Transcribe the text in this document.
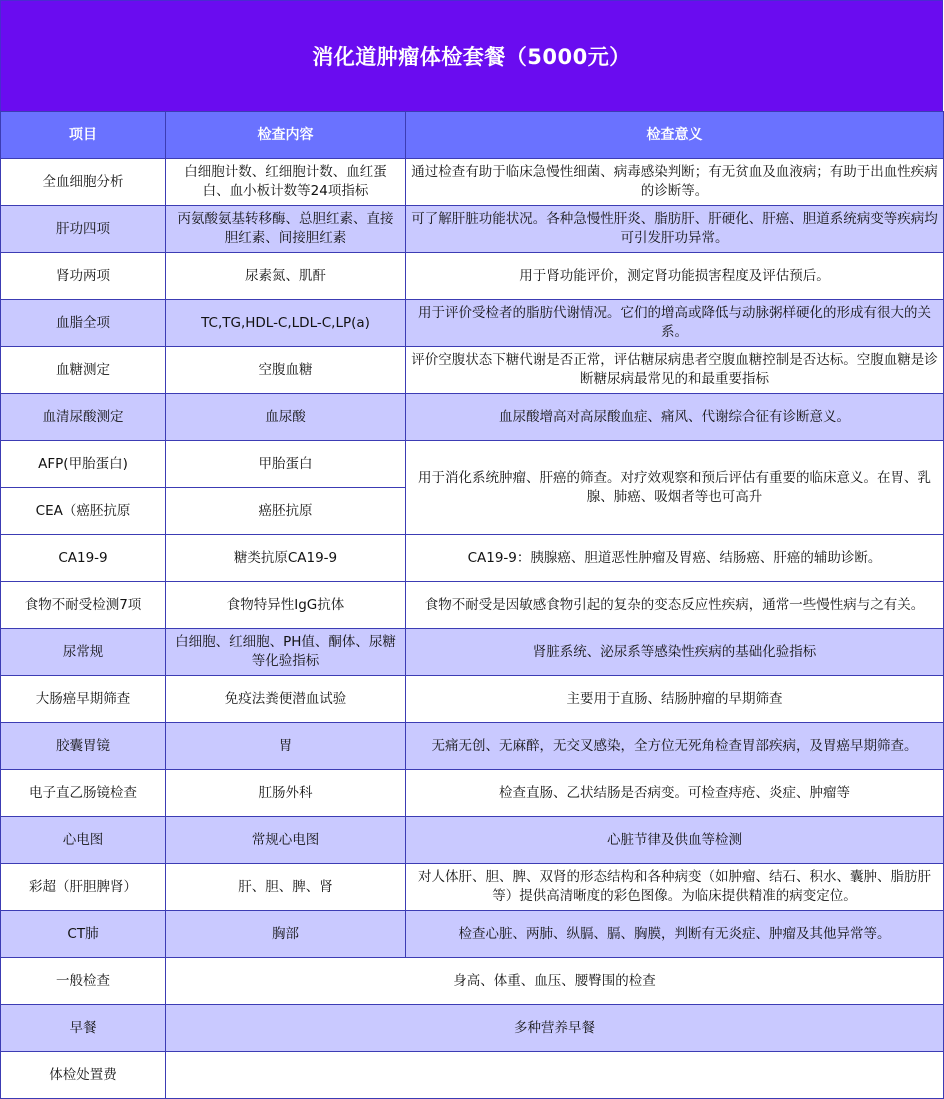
消化道肿瘤体检套餐（5000元）
项目	检查内容	检查意义
全血细胞分析	白细胞计数、红细胞计数、血红蛋白、血小板计数等24项指标	通过检查有助于临床急慢性细菌、病毒感染判断；有无贫血及血液病；有助于出血性疾病的诊断等。
肝功四项	丙氨酸氨基转移酶、总胆红素、直接胆红素、间接胆红素	可了解肝脏功能状况。各种急慢性肝炎、脂肪肝、肝硬化、肝癌、胆道系统病变等疾病均可引发肝功异常。
肾功两项	尿素氮、肌酐	用于肾功能评价，测定肾功能损害程度及评估预后。
血脂全项	TC,TG,HDL-C,LDL-C,LP(a)	用于评价受检者的脂肪代谢情况。它们的增高或降低与动脉粥样硬化的形成有很大的关系。
血糖测定	空腹血糖	评价空腹状态下糖代谢是否正常，评估糖尿病患者空腹血糖控制是否达标。空腹血糖是诊断糖尿病最常见的和最重要指标
血清尿酸测定	血尿酸	血尿酸增高对高尿酸血症、痛风、代谢综合征有诊断意义。
AFP(甲胎蛋白)	甲胎蛋白	用于消化系统肿瘤、肝癌的筛查。对疗效观察和预后评估有重要的临床意义。在胃、乳腺、肺癌、吸烟者等也可高升
CEA（癌胚抗原	癌胚抗原	
CA19-9	糖类抗原CA19-9	CA19-9：胰腺癌、胆道恶性肿瘤及胃癌、结肠癌、肝癌的辅助诊断。
食物不耐受检测7项	食物特异性IgG抗体	食物不耐受是因敏感食物引起的复杂的变态反应性疾病，通常一些慢性病与之有关。
尿常规	白细胞、红细胞、PH值、酮体、尿糖等化验指标	肾脏系统、泌尿系等感染性疾病的基础化验指标
大肠癌早期筛查	免疫法粪便潜血试验	主要用于直肠、结肠肿瘤的早期筛查
胶囊胃镜	胃	无痛无创、无麻醉，无交叉感染，全方位无死角检查胃部疾病，及胃癌早期筛查。
电子直乙肠镜检查	肛肠外科	检查直肠、乙状结肠是否病变。可检查痔疮、炎症、肿瘤等
心电图	常规心电图	心脏节律及供血等检测
彩超（肝胆脾肾）	肝、胆、脾、肾	对人体肝、胆、脾、双肾的形态结构和各种病变（如肿瘤、结石、积水、囊肿、脂肪肝等）提供高清晰度的彩色图像。为临床提供精准的病变定位。
CT肺	胸部	检查心脏、两肺、纵膈、膈、胸膜，判断有无炎症、肿瘤及其他异常等。
一般检查	身高、体重、血压、腰臀围的检查	
早餐	多种营养早餐	
体检处置费		
